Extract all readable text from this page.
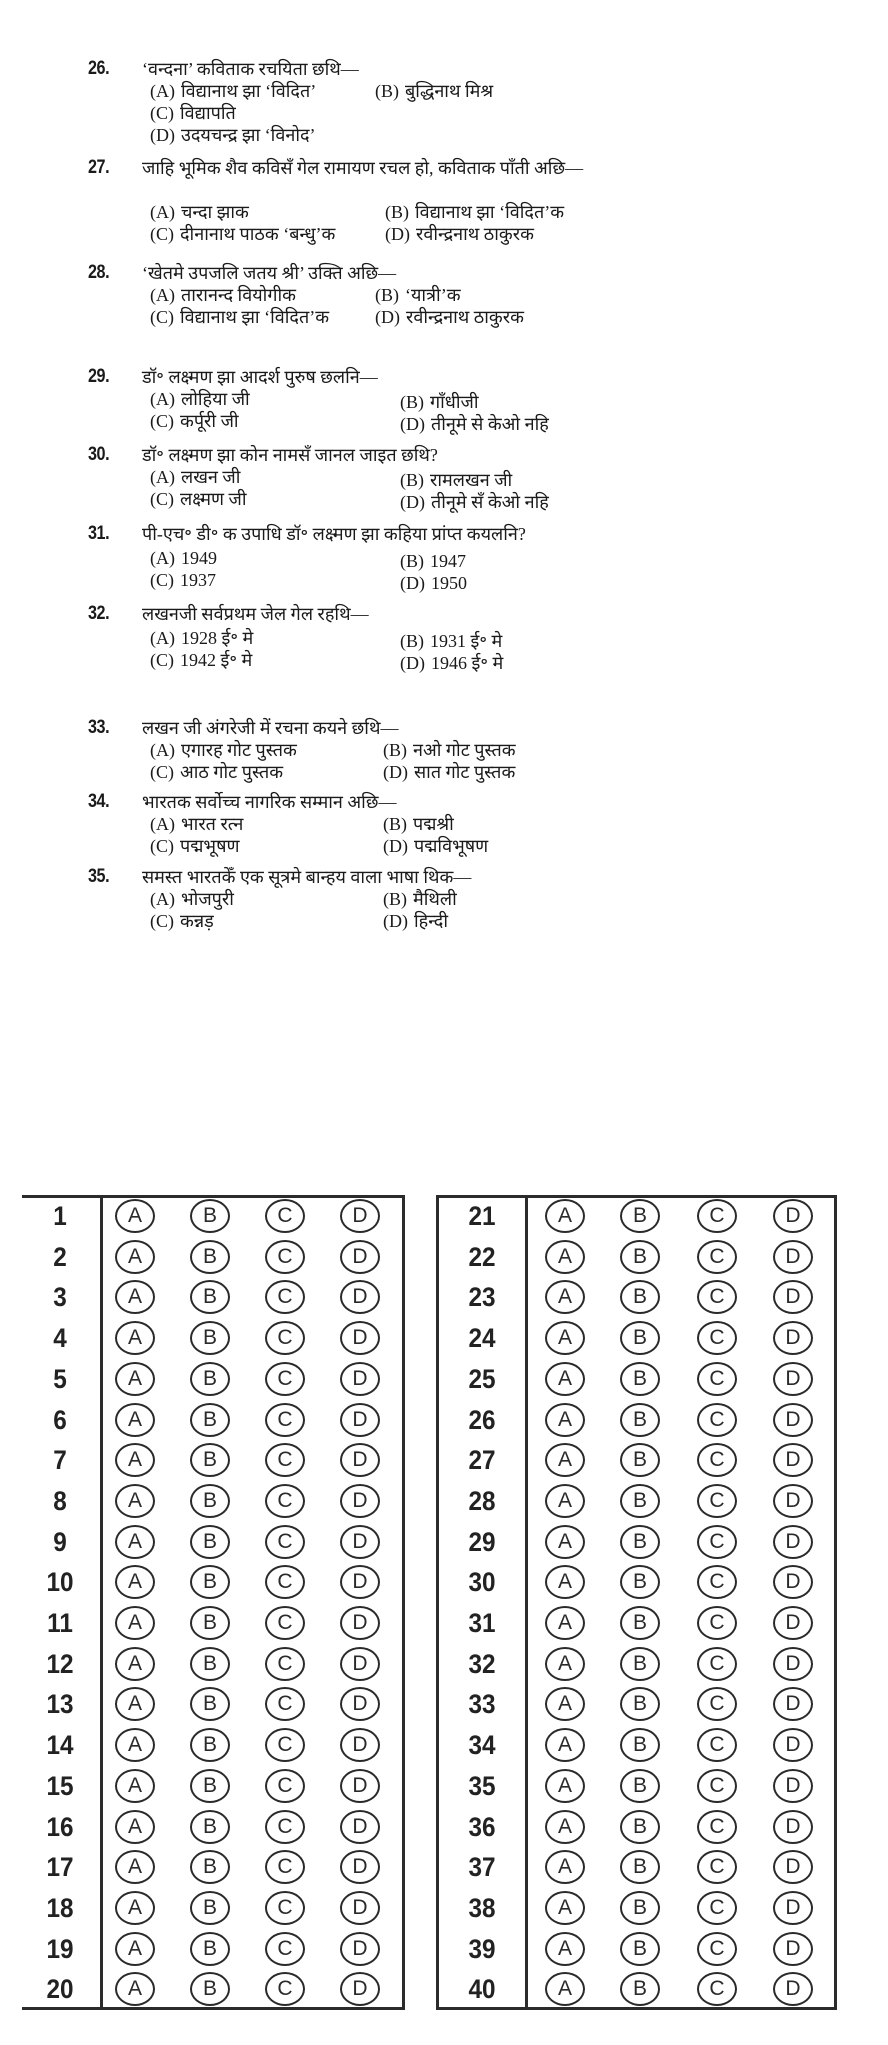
26. ‘वन्दना’ कविताक रचयिता छथि—
(A) विद्यानाथ झा ‘विदित’	(B) बुद्धिनाथ मिश्र
(C) विद्यापति
(D) उदयचन्द्र झा ‘विनोद’
27. जाहि भूमिक शैव कविसँ गेल रामायण रचल हो, कविताक पाँती अछि—
(A) चन्दा झाक	(B) विद्यानाथ झा ‘विदित’क
(C) दीनानाथ पाठक ‘बन्धु’क	(D) रवीन्द्रनाथ ठाकुरक
28. ‘खेतमे उपजलि जतय श्री’ उक्ति अछि—
(A) तारानन्द वियोगीक	(B) ‘यात्री’क
(C) विद्यानाथ झा ‘विदित’क	(D) रवीन्द्रनाथ ठाकुरक
29. डॉ॰ लक्ष्मण झा आदर्श पुरुष छलनि—
(A) लोहिया जी	(B) गाँधीजी
(C) कर्पूरी जी	(D) तीनूमे से केओ नहि
30. डॉ॰ लक्ष्मण झा कोन नामसँ जानल जाइत छथि?
(A) लखन जी	(B) रामलखन जी
(C) लक्ष्मण जी	(D) तीनूमे सँ केओ नहि
31. पी-एच॰ डी॰ क उपाधि डॉ॰ लक्ष्मण झा कहिया प्रांप्त कयलनि?
(A) 1949	(B) 1947
(C) 1937	(D) 1950
32. लखनजी सर्वप्रथम जेल गेल रहथि—
(A) 1928 ई॰ मे	(B) 1931 ई॰ मे
(C) 1942 ई॰ मे	(D) 1946 ई॰ मे
33. लखन जी अंगरेजी में रचना कयने छथि—
(A) एगारह गोट पुस्तक	(B) नओ गोट पुस्तक
(C) आठ गोट पुस्तक	(D) सात गोट पुस्तक
34. भारतक सर्वोच्च नागरिक सम्मान अछि—
(A) भारत रत्न	(B) पद्मश्री
(C) पद्मभूषण	(D) पद्मविभूषण
35. समस्त भारतकेँ एक सूत्रमे बान्हय वाला भाषा थिक—
(A) भोजपुरी	(B) मैथिली
(C) कन्नड़	(D) हिन्दी
1	A	B	C	D
2	A	B	C	D
3	A	B	C	D
4	A	B	C	D
5	A	B	C	D
6	A	B	C	D
7	A	B	C	D
8	A	B	C	D
9	A	B	C	D
10	A	B	C	D
11	A	B	C	D
12	A	B	C	D
13	A	B	C	D
14	A	B	C	D
15	A	B	C	D
16	A	B	C	D
17	A	B	C	D
18	A	B	C	D
19	A	B	C	D
20	A	B	C	D
21	A	B	C	D
22	A	B	C	D
23	A	B	C	D
24	A	B	C	D
25	A	B	C	D
26	A	B	C	D
27	A	B	C	D
28	A	B	C	D
29	A	B	C	D
30	A	B	C	D
31	A	B	C	D
32	A	B	C	D
33	A	B	C	D
34	A	B	C	D
35	A	B	C	D
36	A	B	C	D
37	A	B	C	D
38	A	B	C	D
39	A	B	C	D
40	A	B	C	D
